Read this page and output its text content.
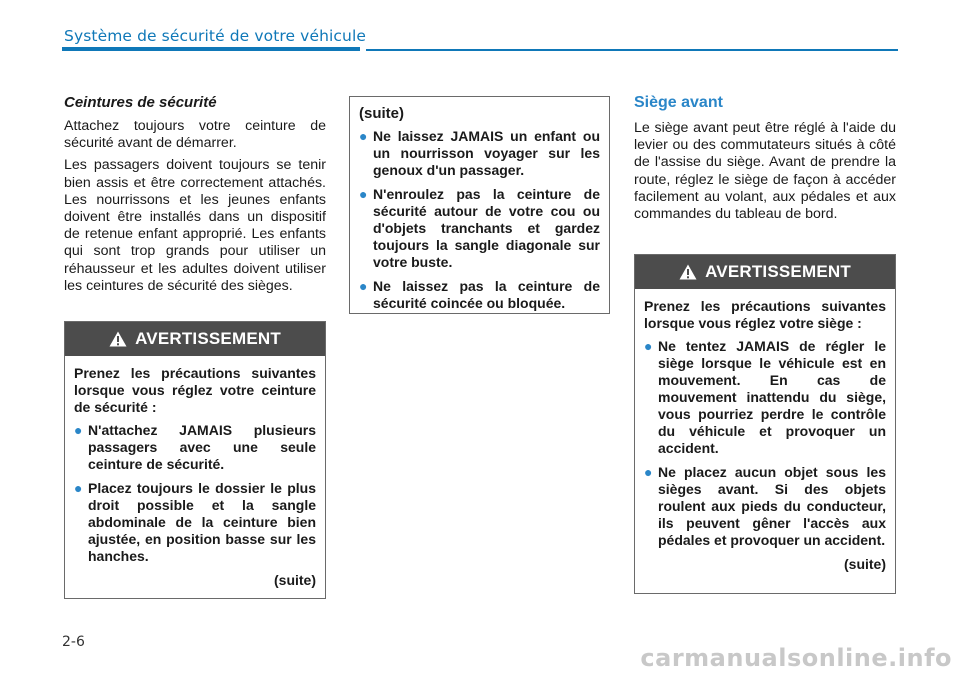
Système de sécurité de votre véhicule
Ceintures de sécurité

Attachez toujours votre ceinture de sécurité avant de démarrer.

Les passagers doivent toujours se tenir bien assis et être correctement attachés. Les nourrissons et les jeunes enfants doivent être installés dans un dispositif de retenue enfant approprié. Les enfants qui sont trop grands pour utiliser un réhausseur et les adultes doivent utiliser les ceintures de sécurité des sièges.

AVERTISSEMENT

Prenez les précautions suivantes lorsque vous réglez votre ceinture de sécurité :

● N'attachez JAMAIS plusieurs passagers avec une seule ceinture de sécurité.
● Placez toujours le dossier le plus droit possible et la sangle abdominale de la ceinture bien ajustée, en position basse sur les hanches.
(suite)
(suite)
● Ne laissez JAMAIS un enfant ou un nourrisson voyager sur les genoux d'un passager.
● N'enroulez pas la ceinture de sécurité autour de votre cou ou d'objets tranchants et gardez toujours la sangle diagonale sur votre buste.
● Ne laissez pas la ceinture de sécurité coincée ou bloquée.
Siège avant

Le siège avant peut être réglé à l'aide du levier ou des commutateurs situés à côté de l'assise du siège. Avant de prendre la route, réglez le siège de façon à accéder facilement au volant, aux pédales et aux commandes du tableau de bord.

AVERTISSEMENT

Prenez les précautions suivantes lorsque vous réglez votre siège :

● Ne tentez JAMAIS de régler le siège lorsque le véhicule est en mouvement. En cas de mouvement inattendu du siège, vous pourriez perdre le contrôle du véhicule et provoquer un accident.
● Ne placez aucun objet sous les sièges avant. Si des objets roulent aux pieds du conducteur, ils peuvent gêner l'accès aux pédales et provoquer un accident.
(suite)
2-6
carmanualsonline.info
